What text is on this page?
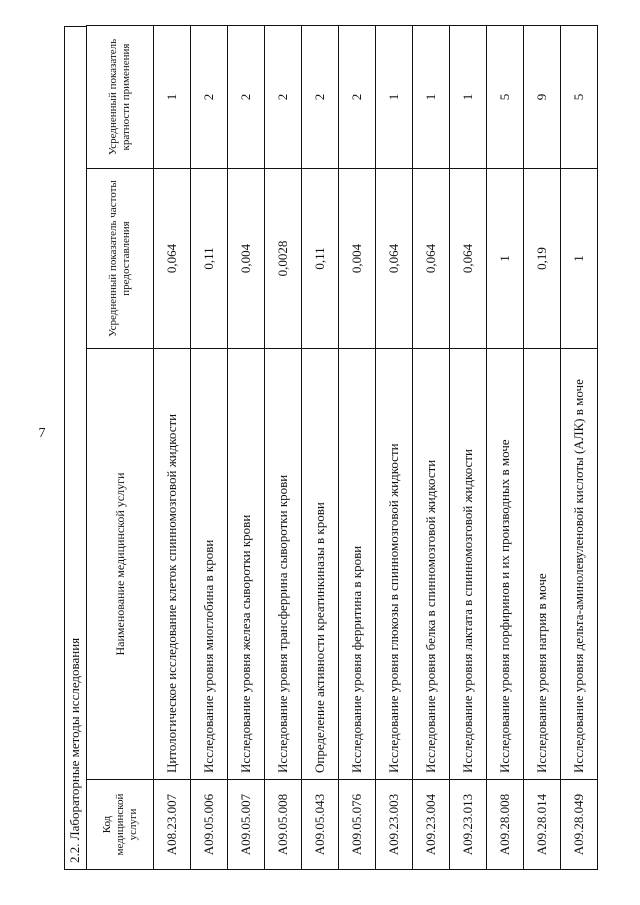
7
2.2. Лабораторные методы исследования	Код медицинской услуги	Наименование медицинской услуги	Усредненный показатель частоты предоставления	Усредненный показатель кратности применения
A08.23.007	Цитологическое исследование клеток спинномозговой жидкости	0,064	1
A09.05.006	Исследование уровня миоглобина в крови	0,11	2
A09.05.007	Исследование уровня железа сыворотки крови	0,004	2
A09.05.008	Исследование уровня трансферрина сыворотки крови	0,0028	2
A09.05.043	Определение активности креатинкиназы в крови	0,11	2
A09.05.076	Исследование уровня ферритина в крови	0,004	2
A09.23.003	Исследование уровня глюкозы в спинномозговой жидкости	0,064	1
A09.23.004	Исследование уровня белка в спинномозговой жидкости	0,064	1
A09.23.013	Исследование уровня лактата в спинномозговой жидкости	0,064	1
A09.28.008	Исследование уровня порфиринов и их производных в моче	1	5
A09.28.014	Исследование уровня натрия в моче	0,19	9
A09.28.049	Исследование уровня дельта-аминолевуленовой кислоты (АЛК) в моче	1	5
